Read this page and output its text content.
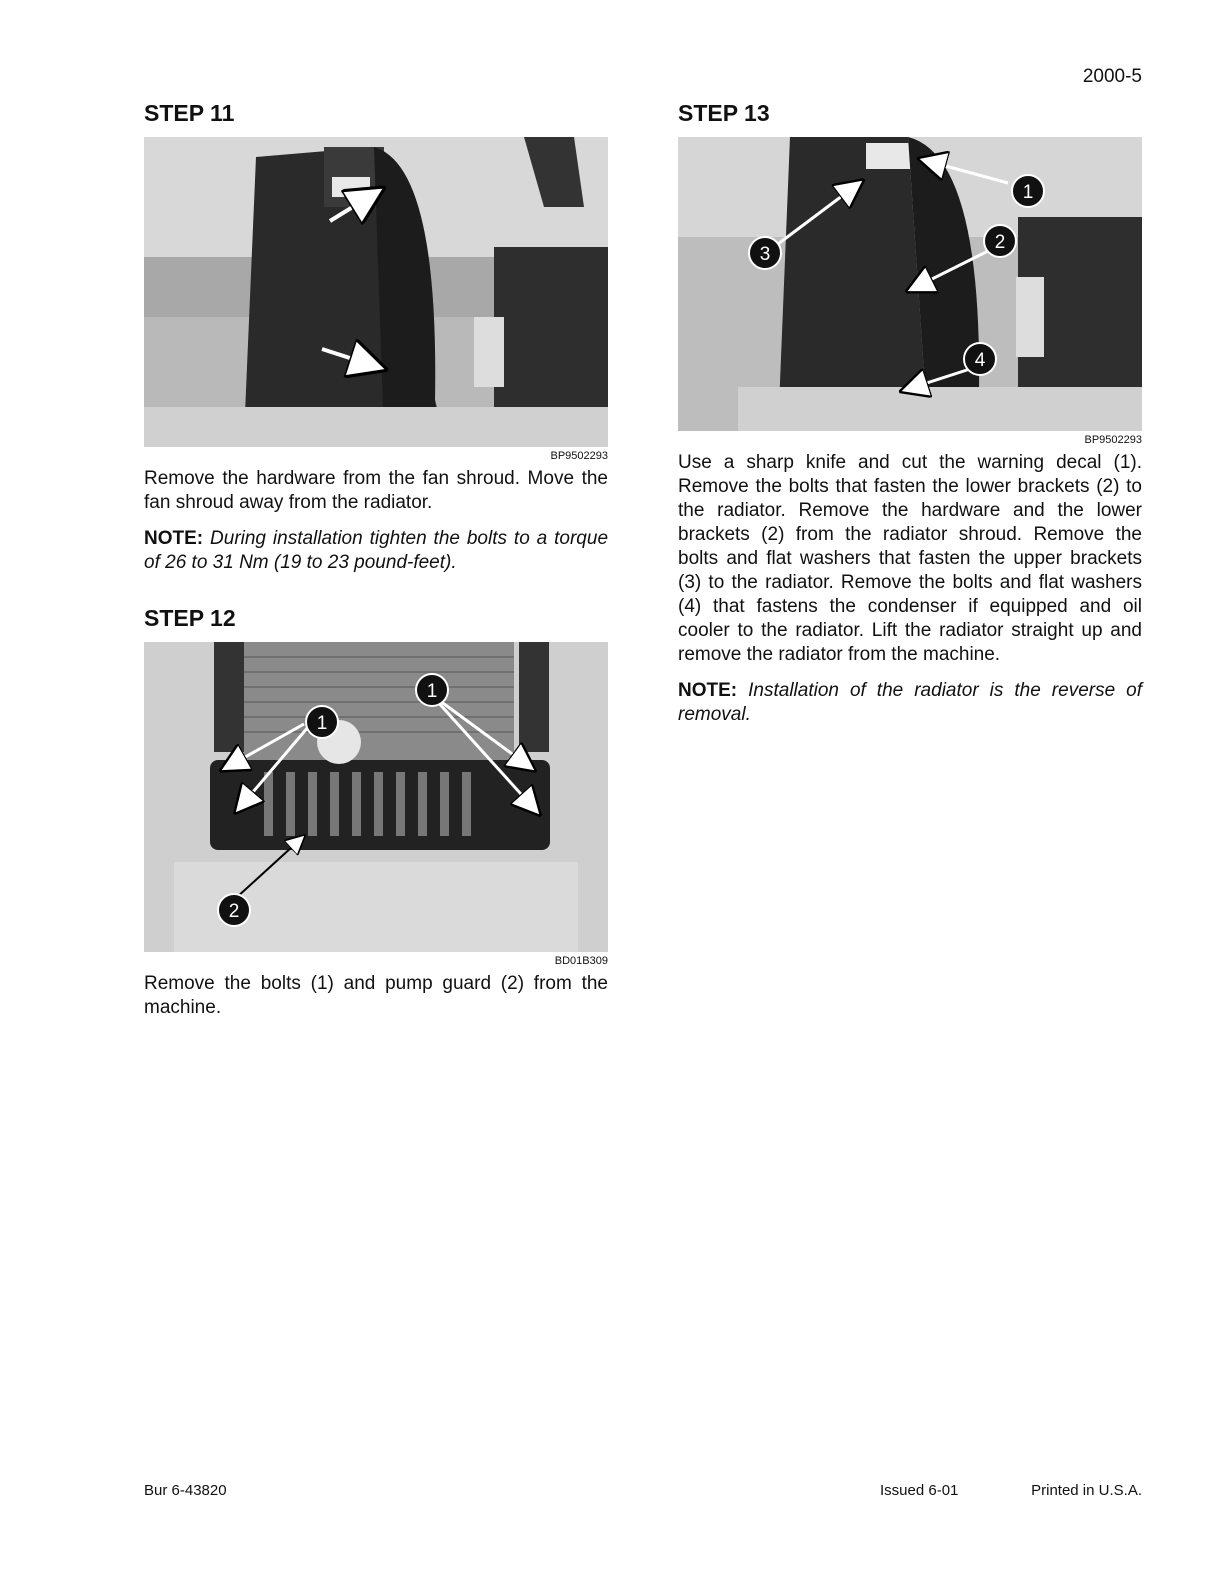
2000-5
STEP 11
BP9502293

Remove the hardware from the fan shroud. Move the fan shroud away from the radiator.

NOTE: During installation tighten the bolts to a torque of 26 to 31 Nm (19 to 23 pound-feet).

STEP 12
1
1
2
BD01B309

Remove the bolts (1) and pump guard (2) from the machine.

STEP 13
1
2
3
4
BP9502293

Use a sharp knife and cut the warning decal (1). Remove the bolts that fasten the lower brackets (2) to the radiator. Remove the hardware and the lower brackets (2) from the radiator shroud. Remove the bolts and flat washers that fasten the upper brackets (3) to the radiator. Remove the bolts and flat washers (4) that fastens the condenser if equipped and oil cooler to the radiator. Lift the radiator straight up and remove the radiator from the machine.

NOTE: Installation of the radiator is the reverse of removal.

Bur 6-43820	Issued 6-01	Printed in U.S.A.
